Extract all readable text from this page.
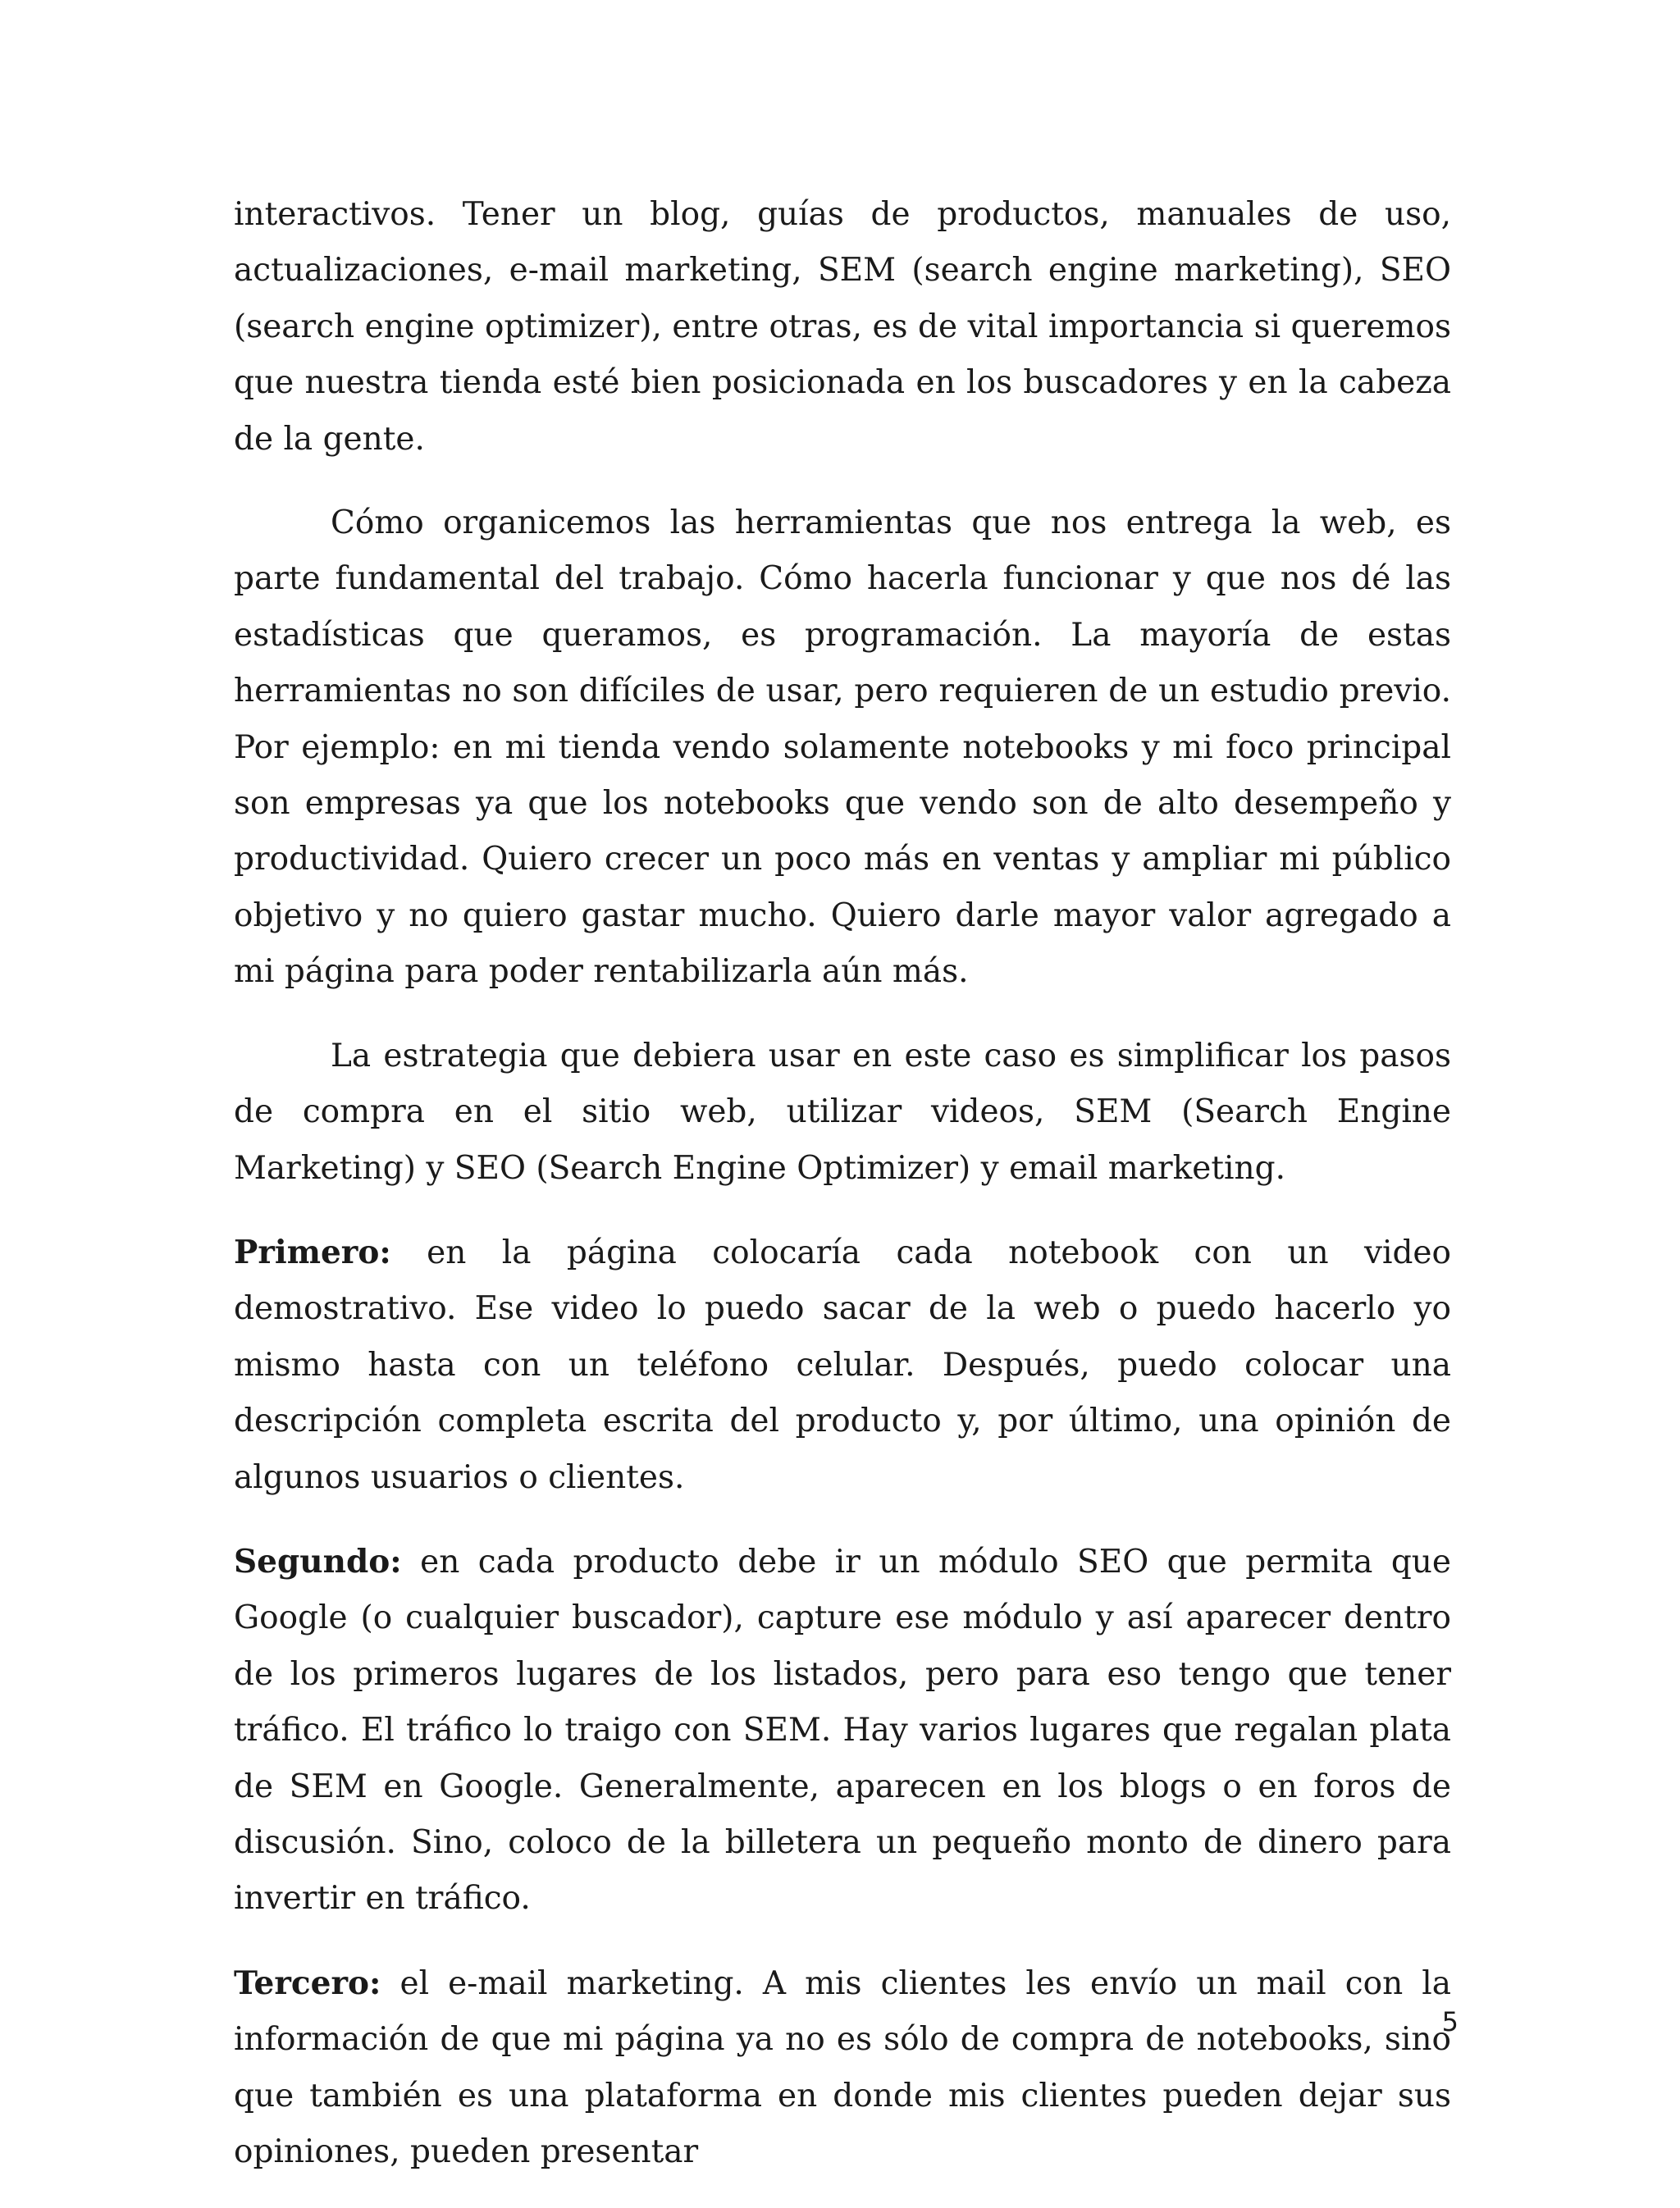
interactivos. Tener un blog, guías de productos, manuales de uso, actualizaciones, e-mail marketing, SEM (search engine marketing), SEO (search engine optimizer), entre otras, es de vital importancia si queremos que nuestra tienda esté bien posicionada en los buscadores y en la cabeza de la gente.

Cómo organicemos las herramientas que nos entrega la web, es parte fundamental del trabajo. Cómo hacerla funcionar y que nos dé las estadísticas que queramos, es programación. La mayoría de estas herramientas no son difíciles de usar, pero requieren de un estudio previo. Por ejemplo: en mi tienda vendo solamente notebooks y mi foco principal son empresas ya que los notebooks que vendo son de alto desempeño y productividad. Quiero crecer un poco más en ventas y ampliar mi público objetivo y no quiero gastar mucho. Quiero darle mayor valor agregado a mi página para poder rentabilizarla aún más.

La estrategia que debiera usar en este caso es simplificar los pasos de compra en el sitio web, utilizar videos, SEM (Search Engine Marketing) y SEO (Search Engine Optimizer) y email marketing.

Primero: en la página colocaría cada notebook con un video demostrativo. Ese video lo puedo sacar de la web o puedo hacerlo yo mismo hasta con un teléfono celular. Después, puedo colocar una descripción completa escrita del producto y, por último, una opinión de algunos usuarios o clientes.

Segundo: en cada producto debe ir un módulo SEO que permita que Google (o cualquier buscador), capture ese módulo y así aparecer dentro de los primeros lugares de los listados, pero para eso tengo que tener tráfico. El tráfico lo traigo con SEM. Hay varios lugares que regalan plata de SEM en Google. Generalmente, aparecen en los blogs o en foros de discusión. Sino, coloco de la billetera un pequeño monto de dinero para invertir en tráfico.

Tercero: el e-mail marketing. A mis clientes les envío un mail con la información de que mi página ya no es sólo de compra de notebooks, sino que también es una plataforma en donde mis clientes pueden dejar sus opiniones, pueden presentar

5
